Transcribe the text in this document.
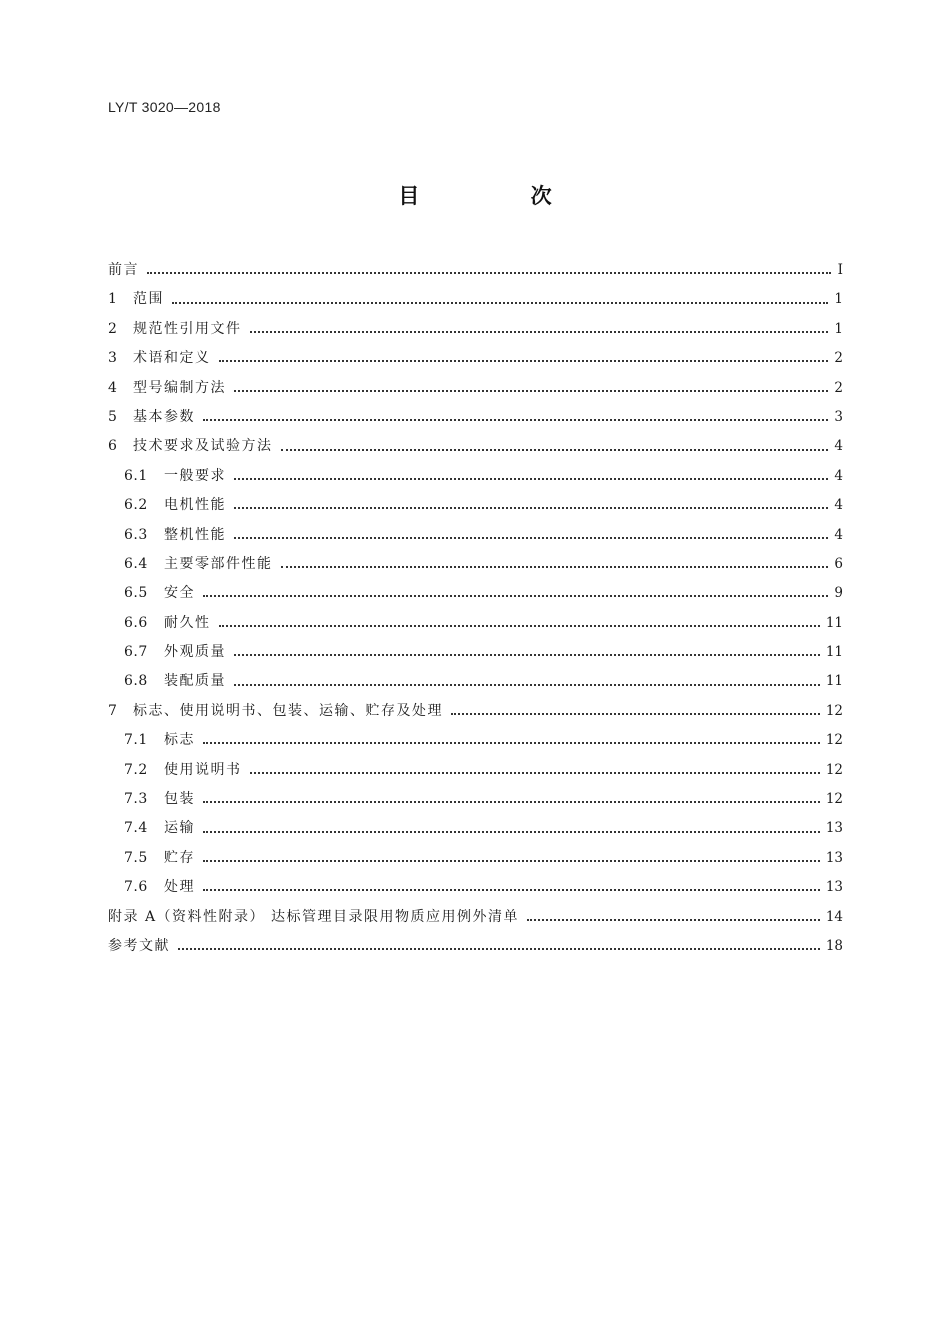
LY/T 3020—2018
目 次
前言	Ⅰ
1	范围	1
2	规范性引用文件	1
3	术语和定义	2
4	型号编制方法	2
5	基本参数	3
6	技术要求及试验方法	4
6.1	一般要求	4
6.2	电机性能	4
6.3	整机性能	4
6.4	主要零部件性能	6
6.5	安全	9
6.6	耐久性	11
6.7	外观质量	11
6.8	装配质量	11
7	标志、使用说明书、包装、运输、贮存及处理	12
7.1	标志	12
7.2	使用说明书	12
7.3	包装	12
7.4	运输	13
7.5	贮存	13
7.6	处理	13
附录 A（资料性附录） 达标管理目录限用物质应用例外清单	14
参考文献	18
